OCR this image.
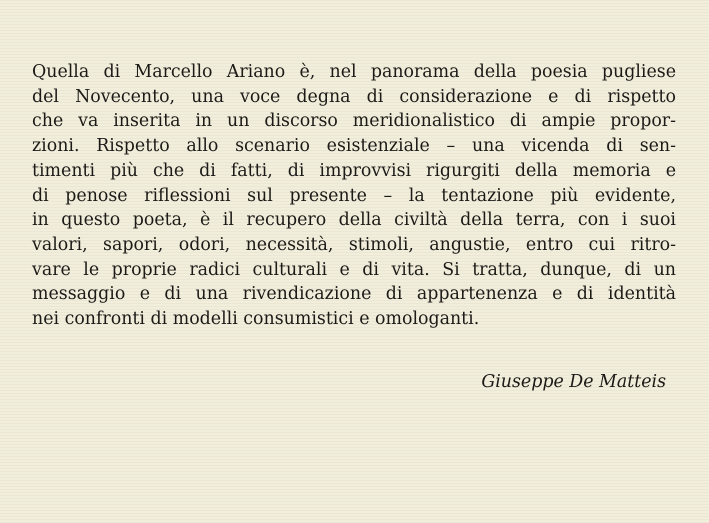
Quella di Marcello Ariano è, nel panorama della poesia pugliese
del Novecento, una voce degna di considerazione e di rispetto
che va inserita in un discorso meridionalistico di ampie propor-
zioni. Rispetto allo scenario esistenziale – una vicenda di sen-
timenti più che di fatti, di improvvisi rigurgiti della memoria e
di penose riflessioni sul presente – la tentazione più evidente,
in questo poeta, è il recupero della civiltà della terra, con i suoi
valori, sapori, odori, necessità, stimoli, angustie, entro cui ritro-
vare le proprie radici culturali e di vita. Si tratta, dunque, di un
messaggio e di una rivendicazione di appartenenza e di identità
nei confronti di modelli consumistici e omologanti.
Giuseppe De Matteis
